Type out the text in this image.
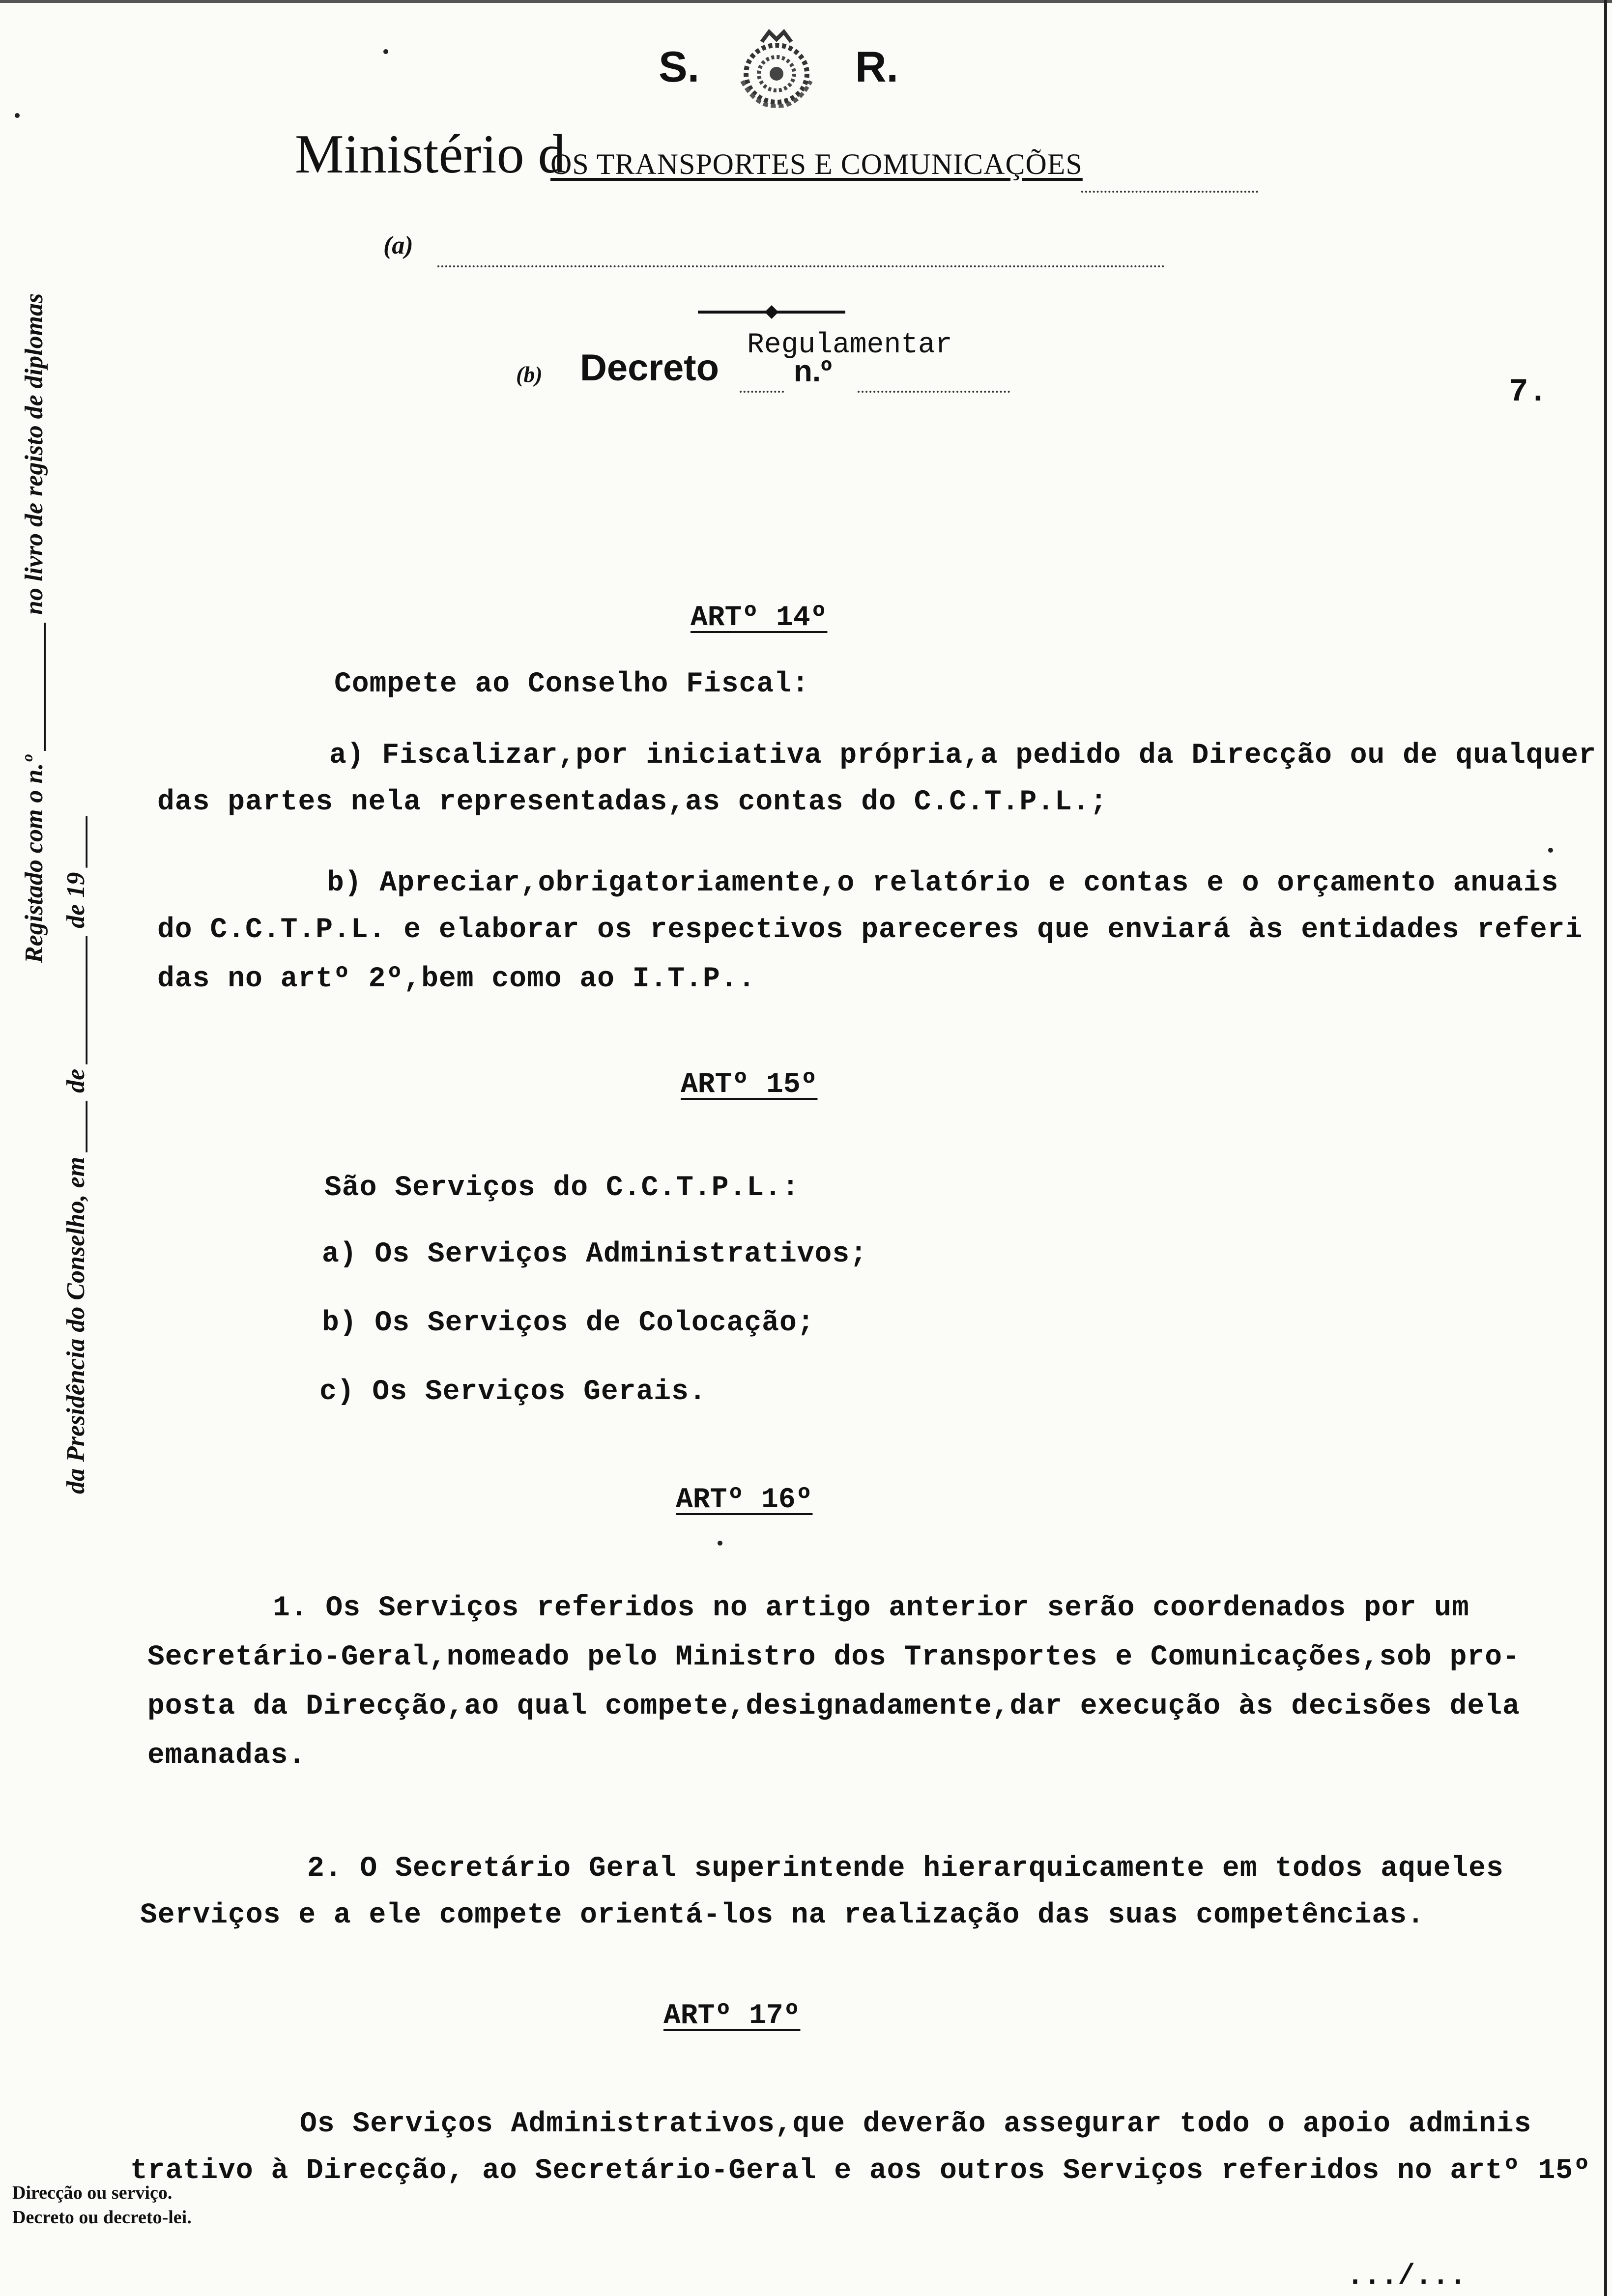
S.	R.
Ministério d
OS TRANSPORTES E COMUNICAÇÕES
(a)
Regulamentar
(b) Decreto n.º
7.
Registado com o n.º __________ no livro de registo de diplomas
da Presidência do Conselho, em ____ de __________ de 19 ____
ARTº 14º
Compete ao Conselho Fiscal:
a) Fiscalizar,por iniciativa própria,a pedido da Direcção ou de qualquer
das partes nela representadas,as contas do C.C.T.P.L.;
b) Apreciar,obrigatoriamente,o relatório e contas e o orçamento anuais
do C.C.T.P.L. e elaborar os respectivos pareceres que enviará às entidades referi
das no artº 2º,bem como ao I.T.P..
ARTº 15º
São Serviços do C.C.T.P.L.:
a) Os Serviços Administrativos;
b) Os Serviços de Colocação;
c) Os Serviços Gerais.
ARTº 16º
1. Os Serviços referidos no artigo anterior serão coordenados por um
Secretário-Geral,nomeado pelo Ministro dos Transportes e Comunicações,sob pro-
posta da Direcção,ao qual compete,designadamente,dar execução às decisões dela
emanadas.
2. O Secretário Geral superintende hierarquicamente em todos aqueles
Serviços e a ele compete orientá-los na realização das suas competências.
ARTº 17º
Os Serviços Administrativos,que deverão assegurar todo o apoio adminis
trativo à Direcção, ao Secretário-Geral e aos outros Serviços referidos no artº 15º
Direcção ou serviço.
Decreto ou decreto-lei.
.../...
